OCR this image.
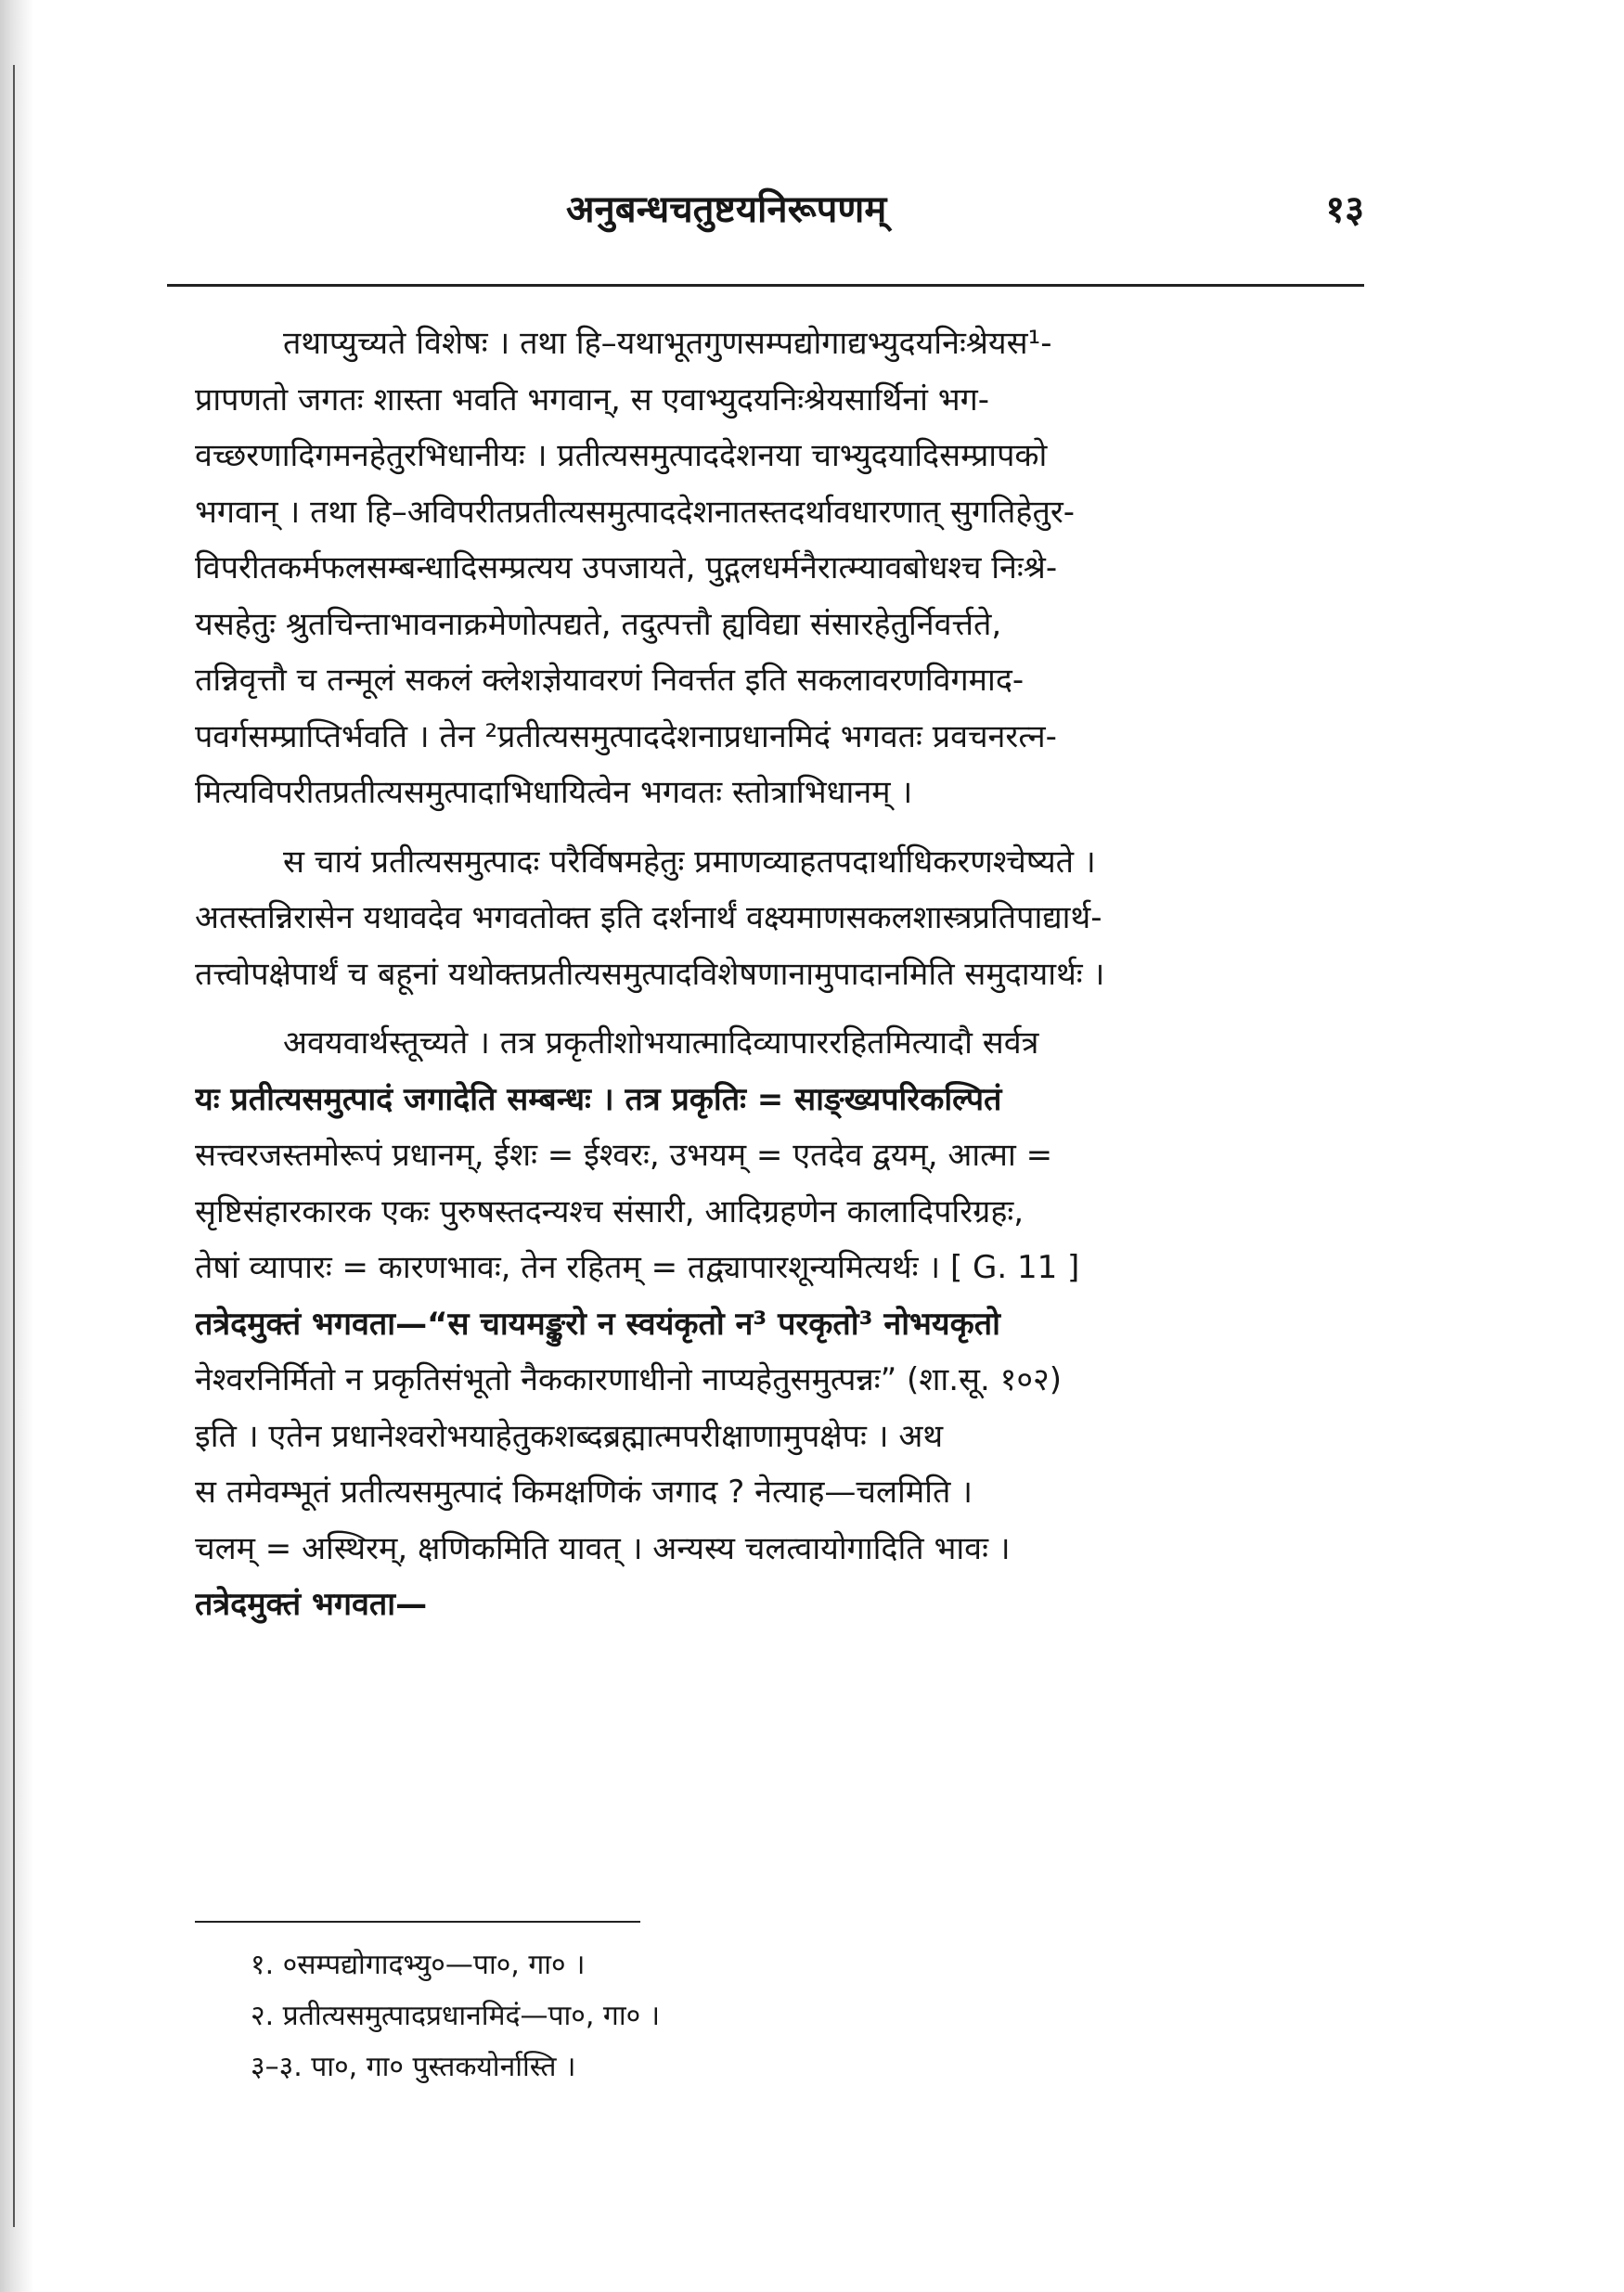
अनुबन्धचतुष्टयनिरूपणम्	१३

तथाप्युच्यते विशेषः । तथा हि–यथाभूतगुणसम्पद्योगाद्यभ्युदयनिःश्रेयस¹-

प्रापणतो जगतः शास्ता भवति भगवान्, स एवाभ्युदयनिःश्रेयसार्थिनां भग-

वच्छरणादिगमनहेतुरभिधानीयः । प्रतीत्यसमुत्पाददेशनया चाभ्युदयादिसम्प्रापको

भगवान् । तथा हि–अविपरीतप्रतीत्यसमुत्पाददेशनातस्तदर्थावधारणात् सुगतिहेतुर-

विपरीतकर्मफलसम्बन्धादिसम्प्रत्यय उपजायते, पुद्गलधर्मनैरात्म्यावबोधश्च निःश्रे-

यसहेतुः श्रुतचिन्ताभावनाक्रमेणोत्पद्यते, तदुत्पत्तौ ह्यविद्या संसारहेतुर्निवर्त्तते,

तन्निवृत्तौ च तन्मूलं सकलं क्लेशज्ञेयावरणं निवर्त्तत इति सकलावरणविगमाद-

पवर्गसम्प्राप्तिर्भवति । तेन ²प्रतीत्यसमुत्पाददेशनाप्रधानमिदं भगवतः प्रवचनरत्न-

मित्यविपरीतप्रतीत्यसमुत्पादाभिधायित्वेन भगवतः स्तोत्राभिधानम् ।

स चायं प्रतीत्यसमुत्पादः परैर्विषमहेतुः प्रमाणव्याहतपदार्थाधिकरणश्चेष्यते ।

अतस्तन्निरासेन यथावदेव भगवतोक्त इति दर्शनार्थं वक्ष्यमाणसकलशास्त्रप्रतिपाद्यार्थ-

तत्त्वोपक्षेपार्थं च बहूनां यथोक्तप्रतीत्यसमुत्पादविशेषणानामुपादानमिति समुदायार्थः ।

अवयवार्थस्तूच्यते । तत्र प्रकृतीशोभयात्मादिव्यापाररहितमित्यादौ सर्वत्र

यः प्रतीत्यसमुत्पादं जगादेति सम्बन्धः । तत्र प्रकृतिः = साङ्ख्यपरिकल्पितं

सत्त्वरजस्तमोरूपं प्रधानम्, ईशः = ईश्वरः, उभयम् = एतदेव द्वयम्, आत्मा =

सृष्टिसंहारकारक एकः पुरुषस्तदन्यश्च संसारी, आदिग्रहणेन कालादिपरिग्रहः,

तेषां व्यापारः = कारणभावः, तेन रहितम् = तद्व्यापारशून्यमित्यर्थः । [ G. 11 ]

तत्रेदमुक्तं भगवता—“स चायमङ्कुरो न स्वयंकृतो न³ परकृतो³ नोभयकृतो

नेश्वरनिर्मितो न प्रकृतिसंभूतो नैककारणाधीनो नाप्यहेतुसमुत्पन्नः” (शा.सू. १०२)

इति । एतेन प्रधानेश्वरोभयाहेतुकशब्दब्रह्मात्मपरीक्षाणामुपक्षेपः । अथ

स तमेवम्भूतं प्रतीत्यसमुत्पादं किमक्षणिकं जगाद ? नेत्याह—चलमिति ।

चलम् = अस्थिरम्, क्षणिकमिति यावत् । अन्यस्य चलत्वायोगादिति भावः ।

तत्रेदमुक्तं भगवता—

१. ०सम्पद्योगादभ्यु०—पा०, गा० ।

२. प्रतीत्यसमुत्पादप्रधानमिदं—पा०, गा० ।

३–३. पा०, गा० पुस्तकयोर्नास्ति ।
